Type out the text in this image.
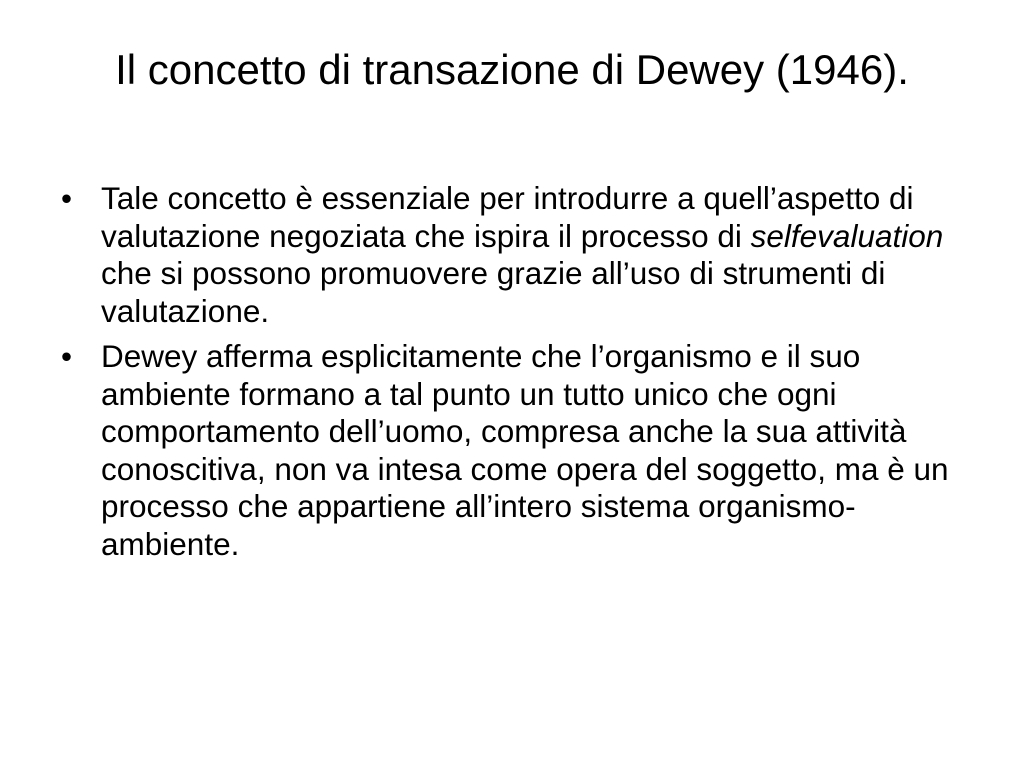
Il concetto di transazione di Dewey (1946).
• Tale concetto è essenziale per introdurre a quell’aspetto di valutazione negoziata che ispira il processo di selfevaluation che si possono promuovere grazie all’uso di strumenti di valutazione.
• Dewey afferma esplicitamente che l’organismo e il suo ambiente formano a tal punto un tutto unico che ogni comportamento dell’uomo, compresa anche la sua attività conoscitiva, non va intesa come opera del soggetto, ma è un processo che appartiene all’intero sistema organismo-ambiente.
